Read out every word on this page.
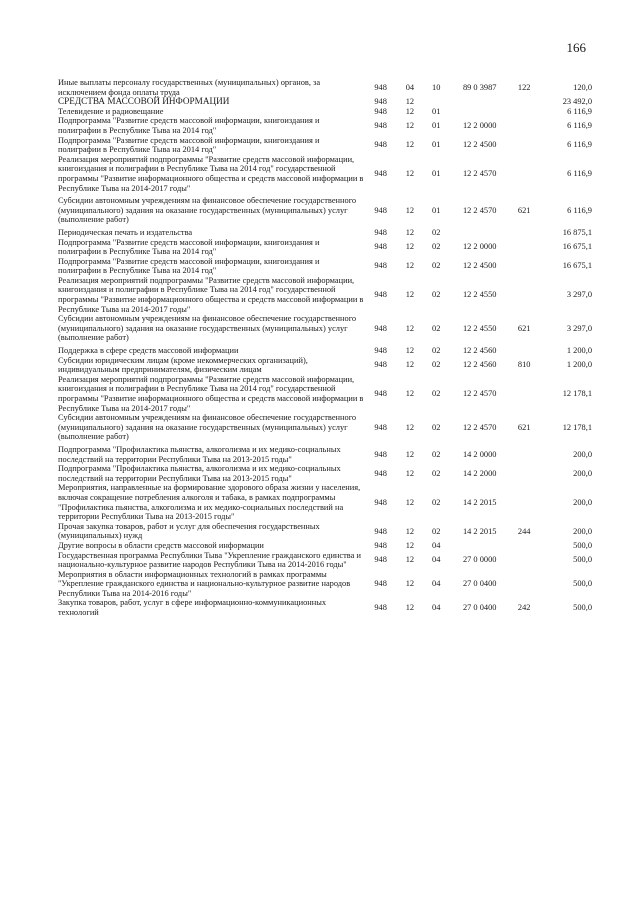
166
Иные выплаты персоналу государственных (муниципальных) органов, за исключением фонда оплаты труда	948	04	10	89 0 3987	122	120,0
СРЕДСТВА МАССОВОЙ ИНФОРМАЦИИ	948	12				23 492,0
Телевидение и радиовещание	948	12	01			6 116,9
Подпрограмма "Развитие средств массовой информации, книгоиздания и полиграфии в Республике Тыва на 2014 год"	948	12	01	12 2 0000		6 116,9
Подпрограмма "Развитие средств массовой информации, книгоиздания и полиграфии в Республике Тыва на 2014 год"	948	12	01	12 2 4500		6 116,9
Реализация мероприятий подпрограммы "Развитие средств массовой информации, книгоиздания и полиграфии в Республике Тыва на 2014 год" государственной программы "Развитие информационного общества и средств массовой информации в Республике Тыва на 2014-2017 годы"	948	12	01	12 2 4570		6 116,9
Субсидии автономным учреждениям на финансовое обеспечение государственного (муниципального) задания на оказание государственных (муниципальных) услуг (выполнение работ)	948	12	01	12 2 4570	621	6 116,9
Периодическая печать и издательства	948	12	02			16 875,1
Подпрограмма "Развитие средств массовой информации, книгоиздания и полиграфии в Республике Тыва на 2014 год"	948	12	02	12 2 0000		16 675,1
Подпрограмма "Развитие средств массовой информации, книгоиздания и полиграфии в Республике Тыва на 2014 год"	948	12	02	12 2 4500		16 675,1
Реализация мероприятий подпрограммы "Развитие средств массовой информации, книгоиздания и полиграфии в Республике Тыва на 2014 год" государственной программы "Развитие информационного общества и средств массовой информации в Республике Тыва на 2014-2017 годы"	948	12	02	12 2 4550		3 297,0
Субсидии автономным учреждениям на финансовое обеспечение государственного (муниципального) задания на оказание государственных (муниципальных) услуг (выполнение работ)	948	12	02	12 2 4550	621	3 297,0
Поддержка в сфере средств массовой информации	948	12	02	12 2 4560		1 200,0
Субсидии юридическим лицам (кроме некоммерческих организаций), индивидуальным предпринимателям, физическим лицам	948	12	02	12 2 4560	810	1 200,0
Реализация мероприятий подпрограммы "Развитие средств массовой информации, книгоиздания и полиграфии в Республике Тыва на 2014 год" государственной программы "Развитие информационного общества и средств массовой информации в Республике Тыва на 2014-2017 годы"	948	12	02	12 2 4570		12 178,1
Субсидии автономным учреждениям на финансовое обеспечение государственного (муниципального) задания на оказание государственных (муниципальных) услуг (выполнение работ)	948	12	02	12 2 4570	621	12 178,1
Подпрограмма "Профилактика пьянства, алкоголизма и их медико-социальных последствий на территории Республики Тыва на 2013-2015 годы"	948	12	02	14 2 0000		200,0
Подпрограмма "Профилактика пьянства, алкоголизма и их медико-социальных последствий на территории Республики Тыва на 2013-2015 годы"	948	12	02	14 2 2000		200,0
Мероприятия, направленные на формирование здорового образа жизни у населения, включая сокращение потребления алкоголя и табака, в рамках подпрограммы "Профилактика пьянства, алкоголизма и их медико-социальных последствий на территории Республики Тыва на 2013-2015 годы"	948	12	02	14 2 2015		200,0
Прочая закупка товаров, работ и услуг для обеспечения государственных (муниципальных) нужд	948	12	02	14 2 2015	244	200,0
Другие вопросы в области средств массовой информации	948	12	04			500,0
Государственная программа Республики Тыва "Укрепление гражданского единства и национально-культурное развитие народов Республики Тыва на 2014-2016 годы"	948	12	04	27 0 0000		500,0
Мероприятия в области информационных технологий в рамках программы "Укрепление гражданского единства и национально-культурное развитие народов Республики Тыва на 2014-2016 годы"	948	12	04	27 0 0400		500,0
Закупка товаров, работ, услуг в сфере информационно-коммуникационных технологий	948	12	04	27 0 0400	242	500,0
